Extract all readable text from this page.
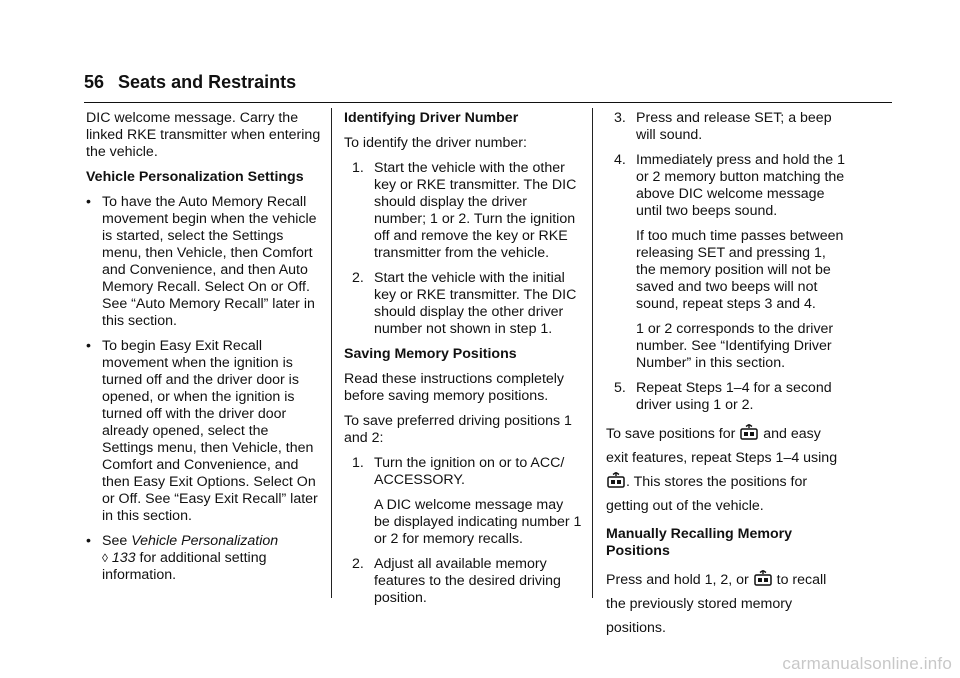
56 Seats and Restraints

DIC welcome message. Carry the linked RKE transmitter when entering the vehicle.

Vehicle Personalization Settings

• To have the Auto Memory Recall movement begin when the vehicle is started, select the Settings menu, then Vehicle, then Comfort and Convenience, and then Auto Memory Recall. Select On or Off. See “Auto Memory Recall” later in this section.
• To begin Easy Exit Recall movement when the ignition is turned off and the driver door is opened, or when the ignition is turned off with the driver door already opened, select the Settings menu, then Vehicle, then Comfort and Convenience, and then Easy Exit Options. Select On or Off. See “Easy Exit Recall” later in this section.
• See Vehicle Personalization
◊ 133 for additional setting information.

Identifying Driver Number

To identify the driver number:

1. Start the vehicle with the other key or RKE transmitter. The DIC should display the driver number; 1 or 2. Turn the ignition off and remove the key or RKE transmitter from the vehicle.
2. Start the vehicle with the initial key or RKE transmitter. The DIC should display the other driver number not shown in step 1.

Saving Memory Positions

Read these instructions completely before saving memory positions.

To save preferred driving positions 1 and 2:

1. Turn the ignition on or to ACC/ ACCESSORY.

A DIC welcome message may be displayed indicating number 1 or 2 for memory recalls.

2. Adjust all available memory features to the desired driving position.
3. Press and release SET; a beep will sound.
4. Immediately press and hold the 1 or 2 memory button matching the above DIC welcome message until two beeps sound.

If too much time passes between releasing SET and pressing 1, the memory position will not be saved and two beeps will not sound, repeat steps 3 and 4.

1 or 2 corresponds to the driver number. See “Identifying Driver Number” in this section.

5. Repeat Steps 1–4 for a second driver using 1 or 2.

To save positions for and easy exit features, repeat Steps 1–4 using . This stores the positions for getting out of the vehicle.

Manually Recalling Memory Positions

Press and hold 1, 2, or to recall the previously stored memory positions.

carmanualsonline.info
